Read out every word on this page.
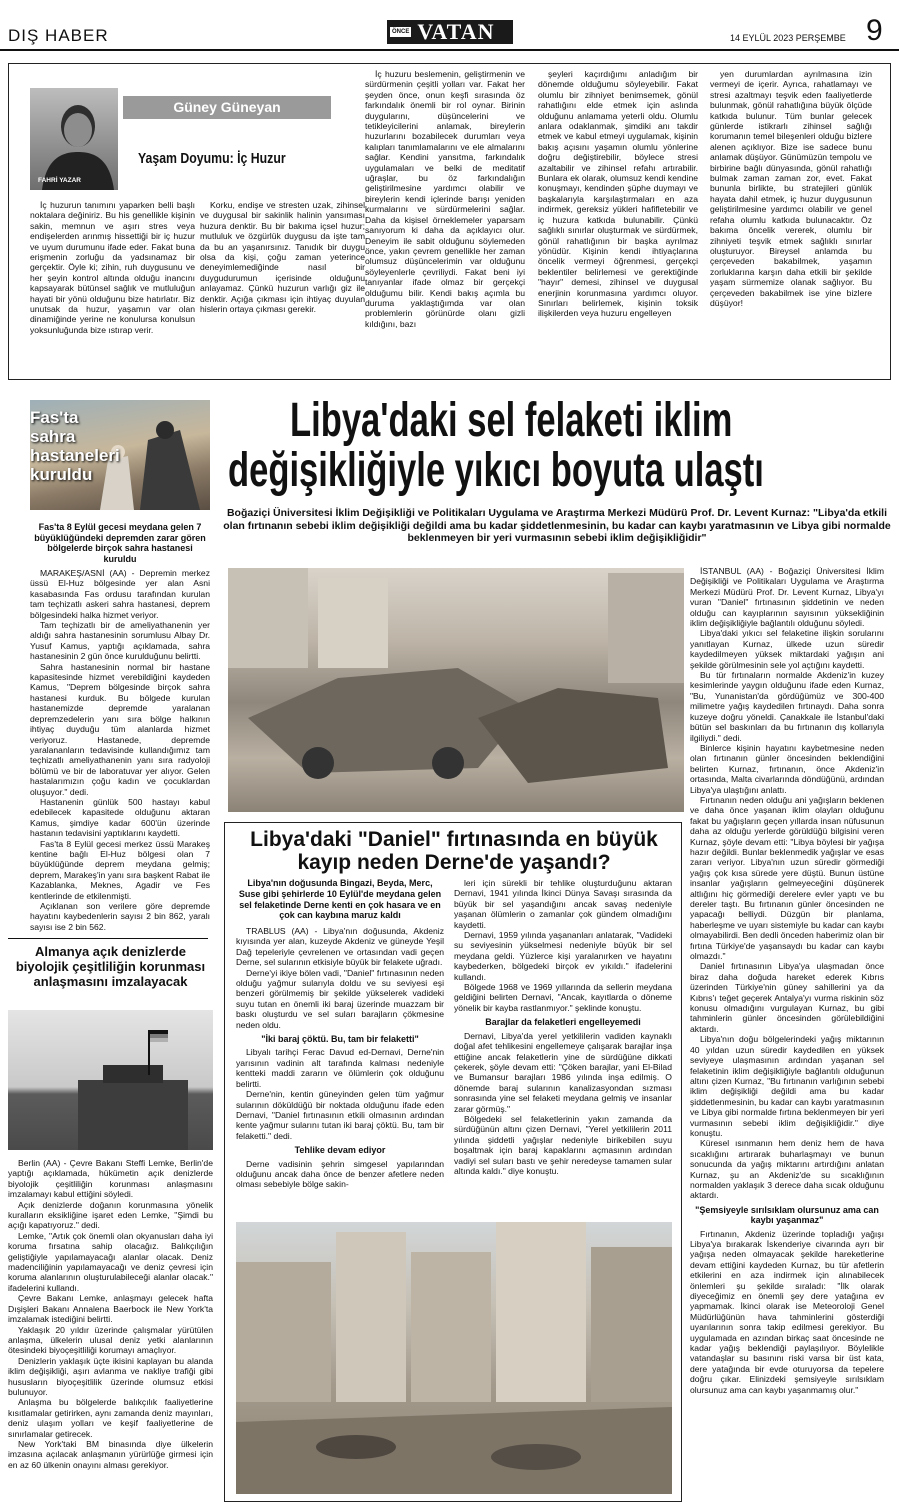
DIŞ HABER	ÖNCE VATAN	14 EYLÜL 2023 PERŞEMBE 9
Güney Güneyan
FAHRİ YAZAR
Yaşam Doyumu: İç Huzur

İç huzurun tanımını yaparken belli başlı noktalara değiniriz. Bu his genellikle kişinin sakin, memnun ve aşırı stres veya endişelerden arınmış hissettiği bir iç huzur ve uyum durumunu ifade eder. Fakat buna erişmenin zorluğu da yadsınamaz bir gerçektir. Öyle ki; zihin, ruh duygusunu ve her şeyin kontrol altında olduğu inancını kapsayarak bütünsel sağlık ve mutluluğun hayati bir yönü olduğunu bize hatırlatır. Biz unutsak da huzur, yaşamın var olan dinamiğinde yerine ne konulursa konulsun yoksunluğunda bize ıstırap verir.

Korku, endişe ve stresten uzak, zihinsel ve duygusal bir sakinlik halinin yansıması huzura denktir. Bu bir bakıma içsel huzur; mutluluk ve özgürlük duygusu da işte tam da bu an yaşanırsınız. Tanıdık bir duygu olsa da kişi, çoğu zaman yeterince deneyimlemediğinde nasıl bir duygudurumun içerisinde olduğunu anlayamaz. Çünkü huzurun varlığı giz ile denktir. Açığa çıkması için ihtiyaç duyulan hislerin ortaya çıkması gerekir.

İç huzuru beslemenin, geliştirmenin ve sürdürmenin çeşitli yolları var. Fakat her şeyden önce, onun keşfi sırasında öz farkındalık önemli bir rol oynar. Birinin duygularını, düşüncelerini ve tetikleyicilerini anlamak, bireylerin huzurlarını bozabilecek durumları veya kalıpları tanımlamalarını ve ele almalarını sağlar. Kendini yansıtma, farkındalık uygulamaları ve belki de meditatif uğraşlar, bu öz farkındalığın geliştirilmesine yardımcı olabilir ve bireylerin kendi içlerinde barışı yeniden kurmalarını ve sürdürmelerini sağlar. Daha da kişisel örneklemeler yaparsam sanıyorum ki daha da açıklayıcı olur. Deneyim ile sabit olduğunu söylemeden önce, yakın çevrem genellikle her zaman olumsuz düşüncelerimin var olduğunu söyleyenlerle çevriliydi. Fakat beni iyi tanıyanlar ifade olmaz bir gerçekçi olduğumu bilir. Kendi bakış açımla bu duruma yaklaştığımda var olan problemlerin görünürde olanı gizli kıldığını, bazı

şeyleri kaçırdığımı anladığım bir dönemde olduğumu söyleyebilir. Fakat olumlu bir zihniyet benimsemek, gönül rahatlığını elde etmek için aslında olduğunu anlamama yeterli oldu. Olumlu anlara odaklanmak, şimdiki anı takdir etmek ve kabul etmeyi uygulamak, kişinin bakış açısını yaşamın olumlu yönlerine doğru değiştirebilir, böylece stresi azaltabilir ve zihinsel refahı artırabilir. Bunlara ek olarak, olumsuz kendi kendine konuşmayı, kendinden şüphe duymayı ve başkalarıyla karşılaştırmaları en aza indirmek, gereksiz yükleri hafifletebilir ve iç huzura katkıda bulunabilir. Çünkü sağlıklı sınırlar oluşturmak ve sürdürmek, gönül rahatlığının bir başka ayrılmaz yönüdür. Kişinin kendi ihtiyaçlarına öncelik vermeyi öğrenmesi, gerçekçi beklentiler belirlemesi ve gerektiğinde "hayır" demesi, zihinsel ve duygusal enerjinin korunmasına yardımcı oluyor. Sınırları belirlemek, kişinin toksik ilişkilerden veya huzuru engelleyen

yen durumlardan ayrılmasına izin vermeyi de içerir. Ayrıca, rahatlamayı ve stresi azaltmayı teşvik eden faaliyetlerde bulunmak, gönül rahatlığına büyük ölçüde katkıda bulunur. Tüm bunlar gelecek günlerde istikrarlı zihinsel sağlığı korumanın temel bileşenleri olduğu bizlere alenen açıklıyor. Bize ise sadece bunu anlamak düşüyor. Günümüzün tempolu ve birbirine bağlı dünyasında, gönül rahatlığı bulmak zaman zaman zor, evet. Fakat bununla birlikte, bu stratejileri günlük hayata dahil etmek, iç huzur duygusunun geliştirilmesine yardımcı olabilir ve genel refaha olumlu katkıda bulunacaktır. Öz bakıma öncelik vererek, olumlu bir zihniyeti teşvik etmek sağlıklı sınırlar oluşturuyor. Bireysel anlamda bu çerçeveden bakabilmek, yaşamın zorluklarına karşın daha etkili bir şekilde yaşam sürmemize olanak sağlıyor. Bu çerçeveden bakabilmek ise yine bizlere düşüyor!

Fas'ta sahra hastaneleri kuruldu
Fas'ta 8 Eylül gecesi meydana gelen 7 büyüklüğündeki depremden zarar gören bölgelerde birçok sahra hastanesi kuruldu

MARAKEŞ/ASNİ (AA) - Depremin merkez üssü El-Huz bölgesinde yer alan Asni kasabasında Fas ordusu tarafından kurulan tam teçhizatlı askeri sahra hastanesi, deprem bölgesindeki halka hizmet veriyor.

Tam teçhizatlı bir de ameliyathanenin yer aldığı sahra hastanesinin sorumlusu Albay Dr. Yusuf Kamus, yaptığı açıklamada, sahra hastanesinin 2 gün önce kurulduğunu belirtti.

Sahra hastanesinin normal bir hastane kapasitesinde hizmet verebildiğini kaydeden Kamus, "Deprem bölgesinde birçok sahra hastanesi kurduk. Bu bölgede kurulan hastanemizde depremde yaralanan depremzedelerin yanı sıra bölge halkının ihtiyaç duyduğu tüm alanlarda hizmet veriyoruz. Hastanede, depremde yaralananların tedavisinde kullandığımız tam teçhizatlı ameliyathanenin yanı sıra radyoloji bölümü ve bir de laboratuvar yer alıyor. Gelen hastalarımızın çoğu kadın ve çocuklardan oluşuyor." dedi.

Hastanenin günlük 500 hastayı kabul edebilecek kapasitede olduğunu aktaran Kamus, şimdiye kadar 600'ün üzerinde hastanın tedavisini yaptıklarını kaydetti.

Fas'ta 8 Eylül gecesi merkez üssü Marakeş kentine bağlı El-Huz bölgesi olan 7 büyüklüğünde deprem meydana gelmiş; deprem, Marakeş'in yanı sıra başkent Rabat ile Kazablanka, Meknes, Agadir ve Fes kentlerinde de etkilenmişti.

Açıklanan son verilere göre depremde hayatını kaybedenlerin sayısı 2 bin 862, yaralı sayısı ise 2 bin 562.

Almanya açık denizlerde biyolojik çeşitliliğin korunması anlaşmasını imzalayacak

Berlin (AA) - Çevre Bakanı Steffi Lemke, Berlin'de yaptığı açıklamada, hükümetin açık denizlerde biyolojik çeşitliliğin korunması anlaşmasını imzalamayı kabul ettiğini söyledi.

Açık denizlerde doğanın korunmasına yönelik kuralların eksikliğine işaret eden Lemke, "Şimdi bu açığı kapatıyoruz." dedi.

Lemke, "Artık çok önemli olan okyanusları daha iyi koruma fırsatına sahip olacağız. Balıkçılığın geliştiğiyle yapılamayacağı alanlar olacak. Deniz madenciliğinin yapılamayacağı ve deniz çevresi için koruma alanlarının oluşturulabileceği alanlar olacak." ifadelerini kullandı.

Çevre Bakanı Lemke, anlaşmayı gelecek hafta Dışişleri Bakanı Annalena Baerbock ile New York'ta imzalamak istediğini belirtti.

Yaklaşık 20 yıldır üzerinde çalışmalar yürütülen anlaşma, ülkelerin ulusal deniz yetki alanlarının ötesindeki biyoçeşitliliği korumayı amaçlıyor.

Denizlerin yaklaşık üçte ikisini kaplayan bu alanda iklim değişikliği, aşırı avlanma ve nakliye trafiği gibi hususların biyoçeşitlilik üzerinde olumsuz etkisi bulunuyor.

Anlaşma bu bölgelerde balıkçılık faaliyetlerine kısıtlamalar getirirken, aynı zamanda deniz mayınları, deniz ulaşım yolları ve keşif faaliyetlerine de sınırlamalar getirecek.

New York'taki BM binasında diye ülkelerin imzasına açılacak anlaşmanın yürürlüğe girmesi için en az 60 ülkenin onayını alması gerekiyor.

Libya'daki sel felaketi iklim
değişikliğiyle yıkıcı boyuta ulaştı
Boğaziçi Üniversitesi İklim Değişikliği ve Politikaları Uygulama ve Araştırma Merkezi Müdürü Prof. Dr. Levent Kurnaz: "Libya'da etkili olan fırtınanın sebebi iklim değişikliği değildi ama bu kadar şiddetlenmesinin, bu kadar can kaybı yaratmasının ve Libya gibi normalde beklenmeyen bir yeri vurmasının sebebi iklim değişikliğidir"

İSTANBUL (AA) - Boğaziçi Üniversitesi İklim Değişikliği ve Politikaları Uygulama ve Araştırma Merkezi Müdürü Prof. Dr. Levent Kurnaz, Libya'yı vuran "Daniel" fırtınasının şiddetinin ve neden olduğu can kayıplarının sayısının yüksekliğinin iklim değişikliğiyle bağlantılı olduğunu söyledi.

Libya'daki yıkıcı sel felaketine ilişkin sorularını yanıtlayan Kurnaz, ülkede uzun süredir kaydedilmeyen yüksek miktardaki yağışın ani şekilde görülmesinin sele yol açtığını kaydetti.

Bu tür fırtınaların normalde Akdeniz'in kuzey kesimlerinde yaygın olduğunu ifade eden Kurnaz, "Bu, Yunanistan'da gördüğümüz ve 300-400 milimetre yağış kaydedilen fırtınaydı. Daha sonra kuzeye doğru yöneldi. Çanakkale ile İstanbul'daki bütün sel baskınları da bu fırtınanın dış kollarıyla ilgiliydi." dedi.

Binlerce kişinin hayatını kaybetmesine neden olan fırtınanın günler öncesinden beklendiğini belirten Kurnaz, fırtınanın, önce Akdeniz'in ortasında, Malta civarlarında döndüğünü, ardından Libya'ya ulaştığını anlattı.

Fırtınanın neden olduğu ani yağışların beklenen ve daha önce yaşanan iklim olayları olduğunu fakat bu yağışların geçen yıllarda insan nüfusunun daha az olduğu yerlerde görüldüğü bilgisini veren Kurnaz, şöyle devam etti: "Libya böylesi bir yağışa hazır değildi. Bunlar beklenmedik yağışlar ve esas zararı veriyor. Libya'nın uzun süredir görmediği yağış çok kısa sürede yere düştü. Bunun üstüne insanlar yağışların gelmeyeceğini düşünerek altlığını hiç görmediği derelere evler yaptı ve bu dereler taştı. Bu fırtınanın günler öncesinden ne yapacağı belliydi. Düzgün bir planlama, haberleşme ve uyarı sistemiyle bu kadar can kaybı olmayabilirdi. Ben dedli önceden haberimiz olan bir fırtına Türkiye'de yaşansaydı bu kadar can kaybı olmazdı."

Daniel fırtınasının Libya'ya ulaşmadan önce biraz daha doğuda hareket ederek Kıbrıs üzerinden Türkiye'nin güney sahillerini ya da Kıbrıs'ı teğet geçerek Antalya'yı vurma riskinin söz konusu olmadığını vurgulayan Kurnaz, bu gibi tahminlerin günler öncesinden görülebildiğini aktardı.

Libya'nın doğu bölgelerindeki yağış miktarının 40 yıldan uzun süredir kaydedilen en yüksek seviyeye ulaşmasının ardından yaşanan sel felaketinin iklim değişikliğiyle bağlantılı olduğunun altını çizen Kurnaz, "Bu fırtınanın varlığının sebebi iklim değişikliği değildi ama bu kadar şiddetlenmesinin, bu kadar can kaybı yaratmasının ve Libya gibi normalde fırtına beklenmeyen bir yeri vurmasının sebebi iklim değişikliğidir." diye konuştu.

Küresel ısınmanın hem deniz hem de hava sıcaklığını artırarak buharlaşmayı ve bunun sonucunda da yağış miktarını artırdığını anlatan Kurnaz, şu an Akdeniz'de su sıcaklığının normalden yaklaşık 3 derece daha sıcak olduğunu aktardı.

"Şemsiyeyle sırılsıklam olursunuz ama can kaybı yaşanmaz"

Fırtınanın, Akdeniz üzerinde topladığı yağışı Libya'ya bırakarak İskenderiye civarında ayrı bir yağışa neden olmayacak şekilde hareketlerine devam ettiğini kaydeden Kurnaz, bu tür afetlerin etkilerini en aza indirmek için alınabilecek önlemleri şu şekilde sıraladı: "İlk olarak diyeceğimiz en önemli şey dere yatağına ev yapmamak. İkinci olarak ise Meteoroloji Genel Müdürlüğünün hava tahminlerini gösterdiği uyarılarının sonra takip edilmesi gerekiyor. Bu uygulamada en azından birkaç saat öncesinde ne kadar yağış beklendiği paylaşılıyor. Böylelikle vatandaşlar su basınını riski varsa bir üst kata, dere yatağında bir evde oturuyorsa da tepelere doğru çıkar. Elinizdeki şemsiyeyle sırılsıklam olursunuz ama can kaybı yaşanmamış olur."

Libya'daki "Daniel" fırtınasında en büyük kayıp neden Derne'de yaşandı?
Libya'nın doğusunda Bingazi, Beyda, Merc, Suse gibi şehirlerde 10 Eylül'de meydana gelen sel felaketinde Derne kenti en çok hasara ve en çok can kaybına maruz kaldı

TRABLUS (AA) - Libya'nın doğusunda, Akdeniz kıyısında yer alan, kuzeyde Akdeniz ve güneyde Yeşil Dağ tepeleriyle çevrelenen ve ortasından vadi geçen Derne, sel sularının etkisiyle büyük bir felakete uğradı.

Derne'yi ikiye bölen vadi, "Daniel" fırtınasının neden olduğu yağmur sularıyla doldu ve su seviyesi eşi benzeri görülmemiş bir şekilde yükselerek vadideki suyu tutan en önemli iki baraj üzerinde muazzam bir baskı oluşturdu ve sel suları barajların çökmesine neden oldu.

"İki baraj çöktü. Bu, tam bir felaketti"

Libyalı tarihçi Ferac Davud ed-Dernavi, Derne'nin yarısının vadinin alt tarafında kalması nedeniyle kentteki maddi zararın ve ölümlerin çok olduğunu belirtti.

Derne'nin, kentin güneyinden gelen tüm yağmur sularının döküldüğü bir noktada olduğunu ifade eden Dernavi, "Daniel fırtınasının etkili olmasının ardından kente yağmur sularını tutan iki baraj çöktü. Bu, tam bir felaketti." dedi.

Tehlike devam ediyor

Derne vadisinin şehrin simgesel yapılarından olduğunu ancak daha önce de benzer afetlere neden olması sebebiyle bölge sakin-

leri için sürekli bir tehlike oluşturduğunu aktaran Dernavi, 1941 yılında İkinci Dünya Savaşı sırasında da büyük bir sel yaşandığını ancak savaş nedeniyle yaşanan ölümlerin o zamanlar çok gündem olmadığını kaydetti.

Dernavi, 1959 yılında yaşananları anlatarak, "Vadideki su seviyesinin yükselmesi nedeniyle büyük bir sel meydana geldi. Yüzlerce kişi yaralanırken ve hayatını kaybederken, bölgedeki birçok ev yıkıldı." ifadelerini kullandı.

Bölgede 1968 ve 1969 yıllarında da sellerin meydana geldiğini belirten Dernavi, "Ancak, kayıtlarda o döneme yönelik bir kayba rastlanmıyor." şeklinde konuştu.

Barajlar da felaketleri engelleyemedi

Dernavi, Libya'da yerel yetkililerin vadiden kaynaklı doğal afet tehlikesini engellemeye çalışarak barajlar inşa ettiğine ancak felaketlerin yine de sürdüğüne dikkati çekerek, şöyle devam etti: "Çöken barajlar, yani El-Bilad ve Bumansur barajları 1986 yılında inşa edilmiş. O dönemde baraj sularının kanalizasyondan sızması sonrasında yine sel felaketi meydana gelmiş ve insanlar zarar görmüş."

Bölgedeki sel felaketlerinin yakın zamanda da sürdüğünün altını çizen Dernavi, "Yerel yetkililerin 2011 yılında şiddetli yağışlar nedeniyle birikebilen suyu boşaltmak için baraj kapaklarını açmasının ardından vadiyi sel suları bastı ve şehir neredeyse tamamen sular altında kaldı." diye konuştu.
